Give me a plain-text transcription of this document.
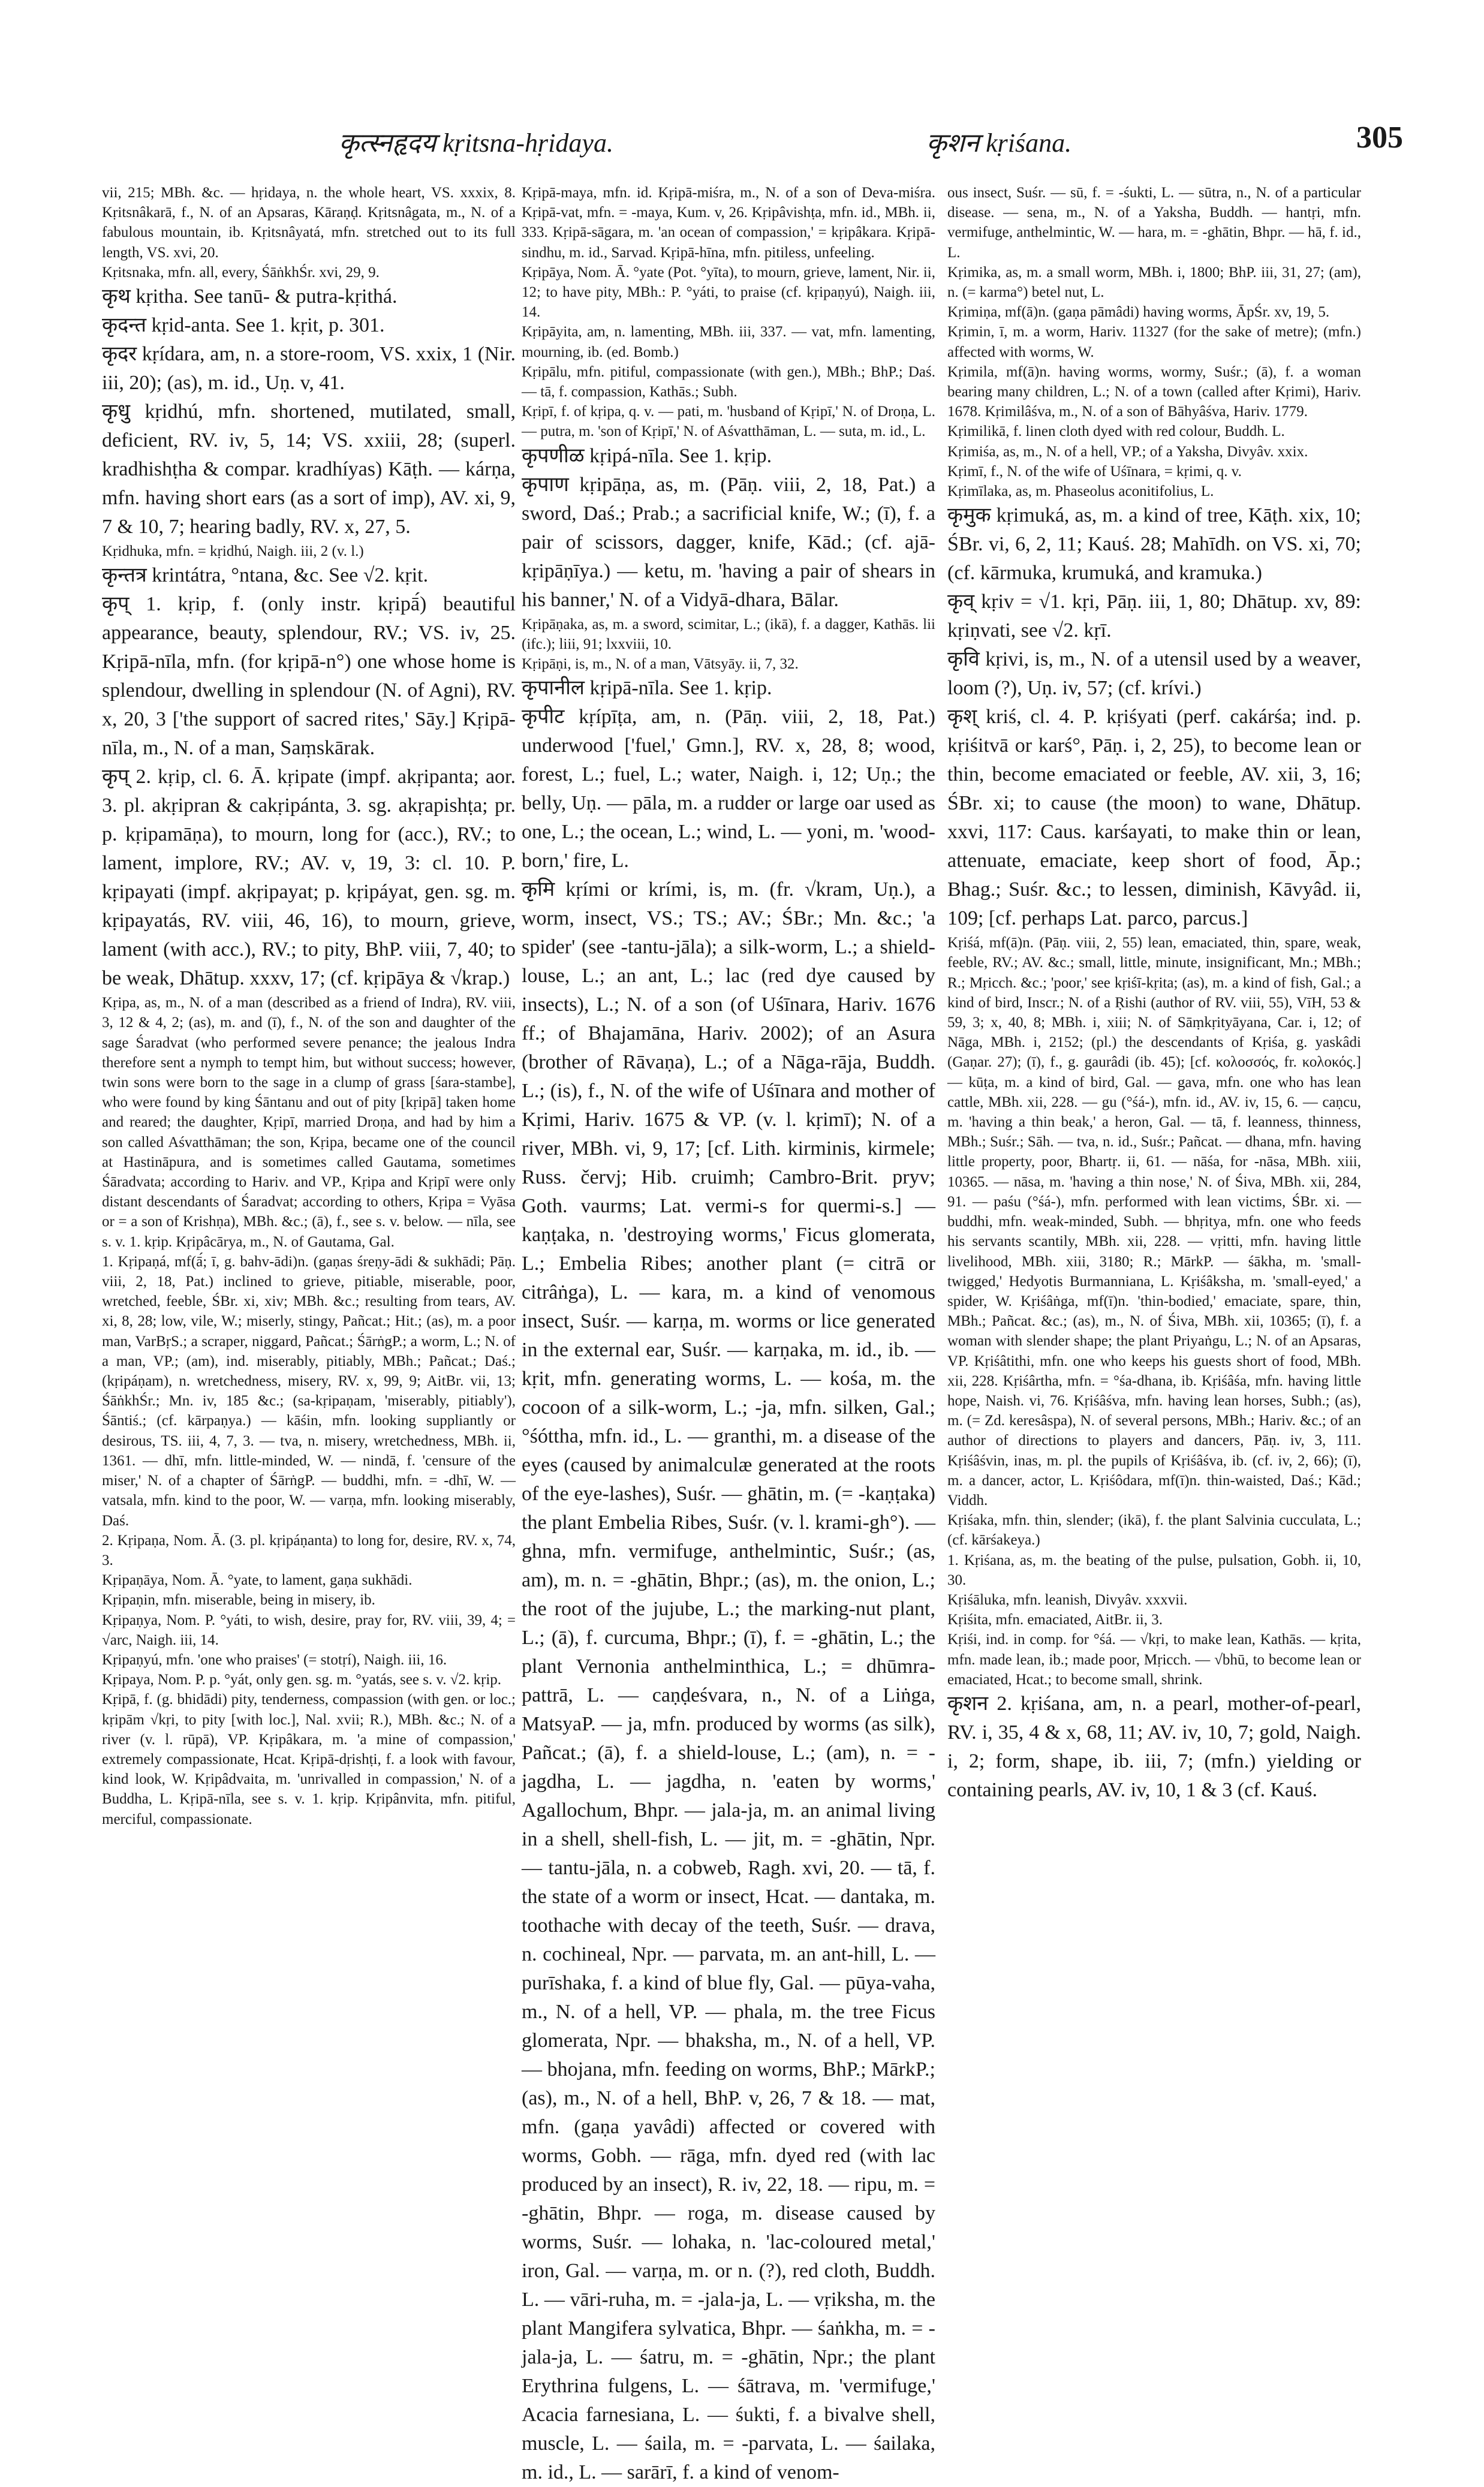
कृत्स्नहृदय kṛitsna-hṛidaya.	कृशन kṛiśana.	305

vii, 215; MBh. &c. — hṛidaya, n. the whole heart, VS. xxxix, 8. Kṛitsnâkarā, f., N. of an Apsaras, Kāraṇḍ. Kṛitsnâgata, m., N. of a fabulous mountain, ib. Kṛitsnâyatá, mfn. stretched out to its full length, VS. xvi, 20.

Kṛitsnaka, mfn. all, every, ŚāṅkhŚr. xvi, 29, 9.

कृथ kṛitha. See tanū- & putra-kṛithá.

कृदन्त kṛid-anta. See 1. kṛit, p. 301.

कृदर kṛídara, am, n. a store-room, VS. xxix, 1 (Nir. iii, 20); (as), m. id., Uṇ. v, 41.

कृधु kṛidhú, mfn. shortened, mutilated, small, deficient, RV. iv, 5, 14; VS. xxiii, 28; (superl. kradhishṭha & compar. kradhíyas) Kāṭh. — kárṇa, mfn. having short ears (as a sort of imp), AV. xi, 9, 7 & 10, 7; hearing badly, RV. x, 27, 5.

Kṛidhuka, mfn. = kṛidhú, Naigh. iii, 2 (v. l.)

कृन्तत्र krintátra, °ntana, &c. See √2. kṛit.

कृप् 1. kṛip, f. (only instr. kṛipā́) beautiful appearance, beauty, splendour, RV.; VS. iv, 25. Kṛipā-nīla, mfn. (for kṛipā-n°) one whose home is splendour, dwelling in splendour (N. of Agni), RV. x, 20, 3 ['the support of sacred rites,' Sāy.] Kṛipā-nīla, m., N. of a man, Saṃskārak.

कृप् 2. kṛip, cl. 6. Ā. kṛipate (impf. akṛipanta; aor. 3. pl. akṛipran & cakṛipánta, 3. sg. akṛapishṭa; pr. p. kṛipamāṇa), to mourn, long for (acc.), RV.; to lament, implore, RV.; AV. v, 19, 3: cl. 10. P. kṛipayati (impf. akṛipayat; p. kṛipáyat, gen. sg. m. kṛipayatás, RV. viii, 46, 16), to mourn, grieve, lament (with acc.), RV.; to pity, BhP. viii, 7, 40; to be weak, Dhātup. xxxv, 17; (cf. kṛipāya & √krap.)

Kṛipa, as, m., N. of a man (described as a friend of Indra), RV. viii, 3, 12 & 4, 2; (as), m. and (ī), f., N. of the son and daughter of the sage Śaradvat (who performed severe penance; the jealous Indra therefore sent a nymph to tempt him, but without success; however, twin sons were born to the sage in a clump of grass [śara-stambe], who were found by king Śāntanu and out of pity [kṛipā] taken home and reared; the daughter, Kṛipī, married Droṇa, and had by him a son called Aśvatthāman; the son, Kṛipa, became one of the council at Hastināpura, and is sometimes called Gautama, sometimes Śāradvata; according to Hariv. and VP., Kṛipa and Kṛipī were only distant descendants of Śaradvat; according to others, Kṛipa = Vyāsa or = a son of Krishṇa), MBh. &c.; (ā), f., see s. v. below. — nīla, see s. v. 1. kṛip. Kṛipâcārya, m., N. of Gautama, Gal.

1. Kṛipaṇá, mf(ā́; ī, g. bahv-ādi)n. (gaṇas śreṇy-ādi & sukhādi; Pāṇ. viii, 2, 18, Pat.) inclined to grieve, pitiable, miserable, poor, wretched, feeble, ŚBr. xi, xiv; MBh. &c.; resulting from tears, AV. xi, 8, 28; low, vile, W.; miserly, stingy, Pañcat.; Hit.; (as), m. a poor man, VarBṛS.; a scraper, niggard, Pañcat.; ŚārṅgP.; a worm, L.; N. of a man, VP.; (am), ind. miserably, pitiably, MBh.; Pañcat.; Daś.; (kṛipáṇam), n. wretchedness, misery, RV. x, 99, 9; AitBr. vii, 13; ŚāṅkhŚr.; Mn. iv, 185 &c.; (sa-kṛipaṇam, 'miserably, pitiably'), Śāntiś.; (cf. kārpaṇya.) — kāśin, mfn. looking suppliantly or desirous, TS. iii, 4, 7, 3. — tva, n. misery, wretchedness, MBh. ii, 1361. — dhī, mfn. little-minded, W. — nindā, f. 'censure of the miser,' N. of a chapter of ŚārṅgP. — buddhi, mfn. = -dhī, W. — vatsala, mfn. kind to the poor, W. — varṇa, mfn. looking miserably, Daś.

2. Kṛipaṇa, Nom. Ā. (3. pl. kṛipáṇanta) to long for, desire, RV. x, 74, 3.

Kṛipaṇāya, Nom. Ā. °yate, to lament, gaṇa sukhādi.

Kṛipaṇin, mfn. miserable, being in misery, ib.

Kṛipaṇya, Nom. P. °yáti, to wish, desire, pray for, RV. viii, 39, 4; = √arc, Naigh. iii, 14.

Kṛipaṇyú, mfn. 'one who praises' (= stotṛí), Naigh. iii, 16.

Kṛipaya, Nom. P. p. °yát, only gen. sg. m. °yatás, see s. v. √2. kṛip.

Kṛipā, f. (g. bhidādi) pity, tenderness, compassion (with gen. or loc.; kṛipām √kṛi, to pity [with loc.], Nal. xvii; R.), MBh. &c.; N. of a river (v. l. rūpā), VP. Kṛipâkara, m. 'a mine of compassion,' extremely compassionate, Hcat. Kṛipā-dṛishṭi, f. a look with favour, kind look, W. Kṛipâdvaita, m. 'unrivalled in compassion,' N. of a Buddha, L. Kṛipā-nīla, see s. v. 1. kṛip. Kṛipânvita, mfn. pitiful, merciful, compassionate.

Kṛipā-maya, mfn. id. Kṛipā-miśra, m., N. of a son of Deva-miśra. Kṛipā-vat, mfn. = -maya, Kum. v, 26. Kṛipâvishṭa, mfn. id., MBh. ii, 333. Kṛipā-sāgara, m. 'an ocean of compassion,' = kṛipâkara. Kṛipā-sindhu, m. id., Sarvad. Kṛipā-hīna, mfn. pitiless, unfeeling.

Kṛipāya, Nom. Ā. °yate (Pot. °yīta), to mourn, grieve, lament, Nir. ii, 12; to have pity, MBh.: P. °yáti, to praise (cf. kṛipaṇyú), Naigh. iii, 14.

Kṛipāyita, am, n. lamenting, MBh. iii, 337. — vat, mfn. lamenting, mourning, ib. (ed. Bomb.)

Kṛipālu, mfn. pitiful, compassionate (with gen.), MBh.; BhP.; Daś. — tā, f. compassion, Kathās.; Subh.

Kṛipī, f. of kṛipa, q. v. — pati, m. 'husband of Kṛipī,' N. of Droṇa, L. — putra, m. 'son of Kṛipī,' N. of Aśvatthāman, L. — suta, m. id., L.

कृपणीळ kṛipá-nīla. See 1. kṛip.

कृपाण kṛipāṇa, as, m. (Pāṇ. viii, 2, 18, Pat.) a sword, Daś.; Prab.; a sacrificial knife, W.; (ī), f. a pair of scissors, dagger, knife, Kād.; (cf. ajā-kṛipāṇīya.) — ketu, m. 'having a pair of shears in his banner,' N. of a Vidyā-dhara, Bālar.

Kṛipāṇaka, as, m. a sword, scimitar, L.; (ikā), f. a dagger, Kathās. lii (ifc.); liii, 91; lxxviii, 10.

Kṛipāṇi, is, m., N. of a man, Vātsyāy. ii, 7, 32.

कृपानील kṛipā-nīla. See 1. kṛip.

कृपीट kṛípīṭa, am, n. (Pāṇ. viii, 2, 18, Pat.) underwood ['fuel,' Gmn.], RV. x, 28, 8; wood, forest, L.; fuel, L.; water, Naigh. i, 12; Uṇ.; the belly, Uṇ. — pāla, m. a rudder or large oar used as one, L.; the ocean, L.; wind, L. — yoni, m. 'wood-born,' fire, L.

कृमि kṛími or krími, is, m. (fr. √kram, Uṇ.), a worm, insect, VS.; TS.; AV.; ŚBr.; Mn. &c.; 'a spider' (see -tantu-jāla); a silk-worm, L.; a shield-louse, L.; an ant, L.; lac (red dye caused by insects), L.; N. of a son (of Uśīnara, Hariv. 1676 ff.; of Bhajamāna, Hariv. 2002); of an Asura (brother of Rāvaṇa), L.; of a Nāga-rāja, Buddh. L.; (is), f., N. of the wife of Uśīnara and mother of Kṛimi, Hariv. 1675 & VP. (v. l. kṛimī); N. of a river, MBh. vi, 9, 17; [cf. Lith. kirminis, kirmele; Russ. červj; Hib. cruimh; Cambro-Brit. pryv; Goth. vaurms; Lat. vermi-s for quermi-s.] — kaṇṭaka, n. 'destroying worms,' Ficus glomerata, L.; Embelia Ribes; another plant (= citrā or citrâṅga), L. — kara, m. a kind of venomous insect, Suśr. — karṇa, m. worms or lice generated in the external ear, Suśr. — karṇaka, m. id., ib. — kṛit, mfn. generating worms, L. — kośa, m. the cocoon of a silk-worm, L.; -ja, mfn. silken, Gal.; °śóttha, mfn. id., L. — granthi, m. a disease of the eyes (caused by animalculæ generated at the roots of the eye-lashes), Suśr. — ghātin, m. (= -kaṇṭaka) the plant Embelia Ribes, Suśr. (v. l. krami-gh°). — ghna, mfn. vermifuge, anthelmintic, Suśr.; (as, am), m. n. = -ghātin, Bhpr.; (as), m. the onion, L.; the root of the jujube, L.; the marking-nut plant, L.; (ā), f. curcuma, Bhpr.; (ī), f. = -ghātin, L.; the plant Vernonia anthelminthica, L.; = dhūmra-pattrā, L. — caṇḍeśvara, n., N. of a Liṅga, MatsyaP. — ja, mfn. produced by worms (as silk), Pañcat.; (ā), f. a shield-louse, L.; (am), n. = -jagdha, L. — jagdha, n. 'eaten by worms,' Agallochum, Bhpr. — jala-ja, m. an animal living in a shell, shell-fish, L. — jit, m. = -ghātin, Npr. — tantu-jāla, n. a cobweb, Ragh. xvi, 20. — tā, f. the state of a worm or insect, Hcat. — dantaka, m. toothache with decay of the teeth, Suśr. — drava, n. cochineal, Npr. — parvata, m. an ant-hill, L. — purīshaka, f. a kind of blue fly, Gal. — pūya-vaha, m., N. of a hell, VP. — phala, m. the tree Ficus glomerata, Npr. — bhaksha, m., N. of a hell, VP. — bhojana, mfn. feeding on worms, BhP.; MārkP.; (as), m., N. of a hell, BhP. v, 26, 7 & 18. — mat, mfn. (gaṇa yavâdi) affected or covered with worms, Gobh. — rāga, mfn. dyed red (with lac produced by an insect), R. iv, 22, 18. — ripu, m. = -ghātin, Bhpr. — roga, m. disease caused by worms, Suśr. — lohaka, n. 'lac-coloured metal,' iron, Gal. — varṇa, m. or n. (?), red cloth, Buddh. L. — vāri-ruha, m. = -jala-ja, L. — vṛiksha, m. the plant Mangifera sylvatica, Bhpr. — śaṅkha, m. = -jala-ja, L. — śatru, m. = -ghātin, Npr.; the plant Erythrina fulgens, L. — śātrava, m. 'vermifuge,' Acacia farnesiana, L. — śukti, f. a bivalve shell, muscle, L. — śaila, m. = -parvata, L. — śailaka, m. id., L. — sarārī, f. a kind of venom-

ous insect, Suśr. — sū, f. = -śukti, L. — sūtra, n., N. of a particular disease. — sena, m., N. of a Yaksha, Buddh. — hantṛi, mfn. vermifuge, anthelmintic, W. — hara, m. = -ghātin, Bhpr. — hā, f. id., L.

Kṛimika, as, m. a small worm, MBh. i, 1800; BhP. iii, 31, 27; (am), n. (= karma°) betel nut, L.

Kṛimiṇa, mf(ā)n. (gaṇa pāmâdi) having worms, ĀpŚr. xv, 19, 5.

Kṛimin, ī, m. a worm, Hariv. 11327 (for the sake of metre); (mfn.) affected with worms, W.

Kṛimila, mf(ā)n. having worms, wormy, Suśr.; (ā), f. a woman bearing many children, L.; N. of a town (called after Kṛimi), Hariv. 1678. Kṛimilâśva, m., N. of a son of Bāhyâśva, Hariv. 1779.

Kṛimilikā, f. linen cloth dyed with red colour, Buddh. L.

Kṛimiśa, as, m., N. of a hell, VP.; of a Yaksha, Divyâv. xxix.

Kṛimī, f., N. of the wife of Uśīnara, = kṛimi, q. v.

Kṛimīlaka, as, m. Phaseolus aconitifolius, L.

कृमुक kṛimuká, as, m. a kind of tree, Kāṭh. xix, 10; ŚBr. vi, 6, 2, 11; Kauś. 28; Mahīdh. on VS. xi, 70; (cf. kārmuka, krumuká, and kramuka.)

कृव् kṛiv = √1. kṛi, Pāṇ. iii, 1, 80; Dhātup. xv, 89: kṛiṇvati, see √2. kṛī.

कृवि kṛivi, is, m., N. of a utensil used by a weaver, loom (?), Uṇ. iv, 57; (cf. krívi.)

कृश् kriś, cl. 4. P. kṛiśyati (perf. cakárśa; ind. p. kṛiśitvā or karś°, Pāṇ. i, 2, 25), to become lean or thin, become emaciated or feeble, AV. xii, 3, 16; ŚBr. xi; to cause (the moon) to wane, Dhātup. xxvi, 117: Caus. karśayati, to make thin or lean, attenuate, emaciate, keep short of food, Āp.; Bhag.; Suśr. &c.; to lessen, diminish, Kāvyâd. ii, 109; [cf. perhaps Lat. parco, parcus.]

Kṛiśá, mf(ā)n. (Pāṇ. viii, 2, 55) lean, emaciated, thin, spare, weak, feeble, RV.; AV. &c.; small, little, minute, insignificant, Mn.; MBh.; R.; Mṛicch. &c.; 'poor,' see kṛiśī-kṛita; (as), m. a kind of fish, Gal.; a kind of bird, Inscr.; N. of a Ṛishi (author of RV. viii, 55), VīH, 53 & 59, 3; x, 40, 8; MBh. i, xiii; N. of Sāṃkṛityāyana, Car. i, 12; of Nāga, MBh. i, 2152; (pl.) the descendants of Kṛiśa, g. yaskâdi (Gaṇar. 27); (ī), f., g. gaurâdi (ib. 45); [cf. κολοσσός, fr. κολοκός.] — kūṭa, m. a kind of bird, Gal. — gava, mfn. one who has lean cattle, MBh. xii, 228. — gu (°śá-), mfn. id., AV. iv, 15, 6. — caṇcu, m. 'having a thin beak,' a heron, Gal. — tā, f. leanness, thinness, MBh.; Suśr.; Sāh. — tva, n. id., Suśr.; Pañcat. — dhana, mfn. having little property, poor, Bhartṛ. ii, 61. — nāśa, for -nāsa, MBh. xiii, 10365. — nāsa, m. 'having a thin nose,' N. of Śiva, MBh. xii, 284, 91. — paśu (°śá-), mfn. performed with lean victims, ŚBr. xi. — buddhi, mfn. weak-minded, Subh. — bhṛitya, mfn. one who feeds his servants scantily, MBh. xii, 228. — vṛitti, mfn. having little livelihood, MBh. xiii, 3180; R.; MārkP. — śākha, m. 'small-twigged,' Hedyotis Burmanniana, L. Kṛiśâksha, m. 'small-eyed,' a spider, W. Kṛiśâṅga, mf(ī)n. 'thin-bodied,' emaciate, spare, thin, MBh.; Pañcat. &c.; (as), m., N. of Śiva, MBh. xii, 10365; (ī), f. a woman with slender shape; the plant Priyaṅgu, L.; N. of an Apsaras, VP. Kṛiśâtithi, mfn. one who keeps his guests short of food, MBh. xii, 228. Kṛiśârtha, mfn. = °śa-dhana, ib. Kṛiśâśa, mfn. having little hope, Naish. vi, 76. Kṛiśâśva, mfn. having lean horses, Subh.; (as), m. (= Zd. keresâspa), N. of several persons, MBh.; Hariv. &c.; of an author of directions to players and dancers, Pāṇ. iv, 3, 111. Kṛiśâśvin, inas, m. pl. the pupils of Kṛiśâśva, ib. (cf. iv, 2, 66); (ī), m. a dancer, actor, L. Kṛiśôdara, mf(ī)n. thin-waisted, Daś.; Kād.; Viddh.

Kṛiśaka, mfn. thin, slender; (ikā), f. the plant Salvinia cucculata, L.; (cf. kārśakeya.)

1. Kṛiśana, as, m. the beating of the pulse, pulsation, Gobh. ii, 10, 30.

Kṛiśāluka, mfn. leanish, Divyâv. xxxvii.

Kṛiśita, mfn. emaciated, AitBr. ii, 3.

Kṛiśi, ind. in comp. for °śá. — √kṛi, to make lean, Kathās. — kṛita, mfn. made lean, ib.; made poor, Mṛicch. — √bhū, to become lean or emaciated, Hcat.; to become small, shrink.

कृशन 2. kṛiśana, am, n. a pearl, mother-of-pearl, RV. i, 35, 4 & x, 68, 11; AV. iv, 10, 7; gold, Naigh. i, 2; form, shape, ib. iii, 7; (mfn.) yielding or containing pearls, AV. iv, 10, 1 & 3 (cf. Kauś.
